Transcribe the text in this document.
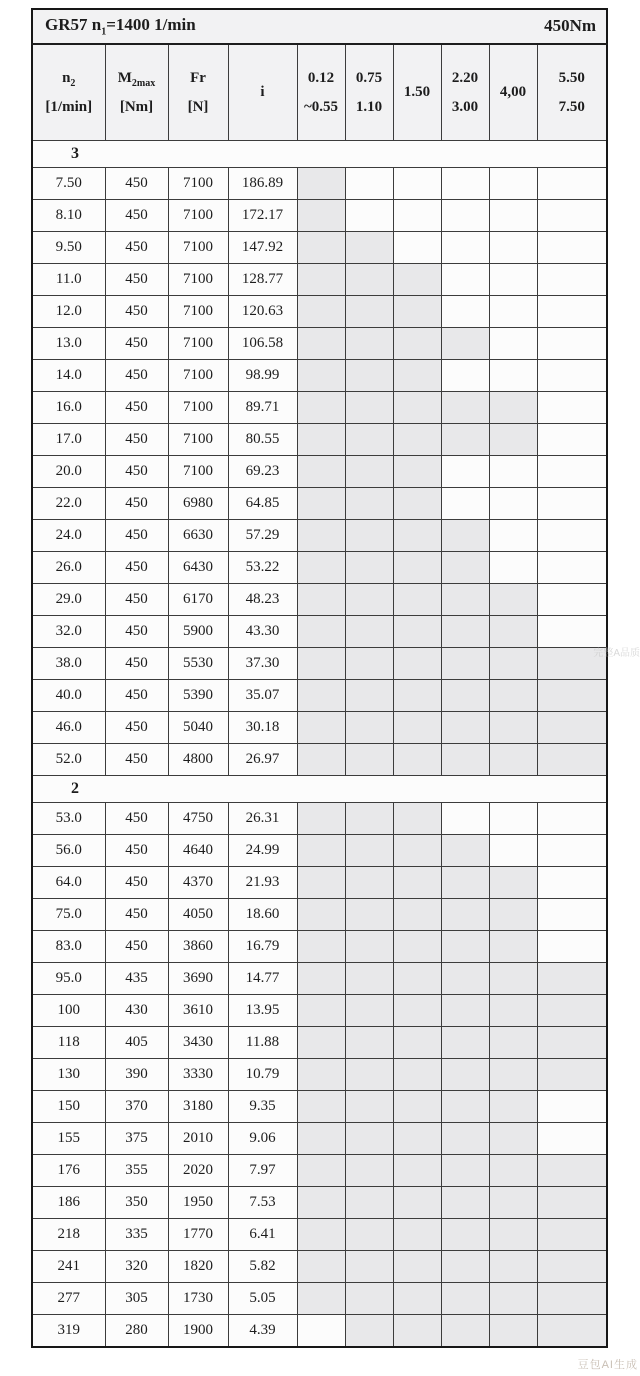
GR57 $n_1=1400$ 1/min 450Nm									

$n_2$
[1/min]

$M_{2max}$
[Nm]

Fr
[N]

i

0.12
~0.55

0.75
1.10

1.50

2.20
3.00

4,00

5.50
7.50

3									
7.50	450	7100	186.89						
8.10	450	7100	172.17						
9.50	450	7100	147.92						
11.0	450	7100	128.77						
12.0	450	7100	120.63						
13.0	450	7100	106.58						
14.0	450	7100	98.99						
16.0	450	7100	89.71						
17.0	450	7100	80.55						
20.0	450	7100	69.23						
22.0	450	6980	64.85						
24.0	450	6630	57.29						
26.0	450	6430	53.22						
29.0	450	6170	48.23						
32.0	450	5900	43.30						
38.0	450	5530	37.30						
40.0	450	5390	35.07						
46.0	450	5040	30.18						
52.0	450	4800	26.97						
2									
53.0	450	4750	26.31						
56.0	450	4640	24.99						
64.0	450	4370	21.93						
75.0	450	4050	18.60						
83.0	450	3860	16.79						
95.0	435	3690	14.77						
100	430	3610	13.95						
118	405	3430	11.88						
130	390	3330	10.79						
150	370	3180	9.35						
155	375	2010	9.06						
176	355	2020	7.97						
186	350	1950	7.53						
218	335	1770	6.41						
241	320	1820	5.82						
277	305	1730	5.05						
319	280	1900	4.39						
完整A品质
豆包AI生成
